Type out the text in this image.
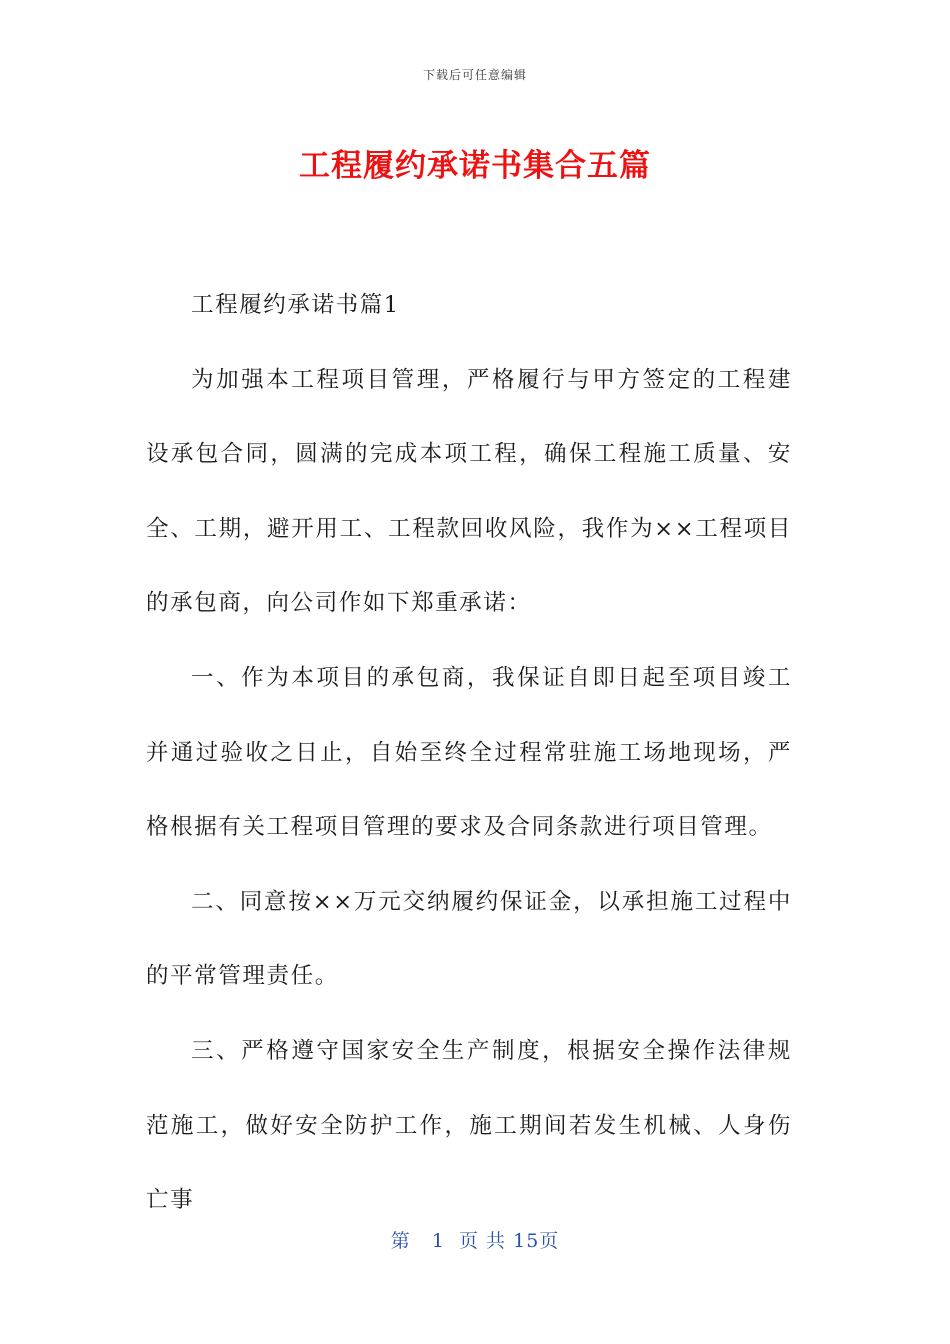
下载后可任意编辑
工程履约承诺书集合五篇

工程履约承诺书篇1

为加强本工程项目管理，严格履行与甲方签定的工程建设承包合同，圆满的完成本项工程，确保工程施工质量、安全、工期，避开用工、工程款回收风险，我作为××工程项目的承包商，向公司作如下郑重承诺：

一、作为本项目的承包商，我保证自即日起至项目竣工并通过验收之日止，自始至终全过程常驻施工场地现场，严格根据有关工程项目管理的要求及合同条款进行项目管理。

二、同意按××万元交纳履约保证金，以承担施工过程中的平常管理责任。

三、严格遵守国家安全生产制度，根据安全操作法律规范施工，做好安全防护工作，施工期间若发生机械、人身伤亡事

第 1 页 共 15页
